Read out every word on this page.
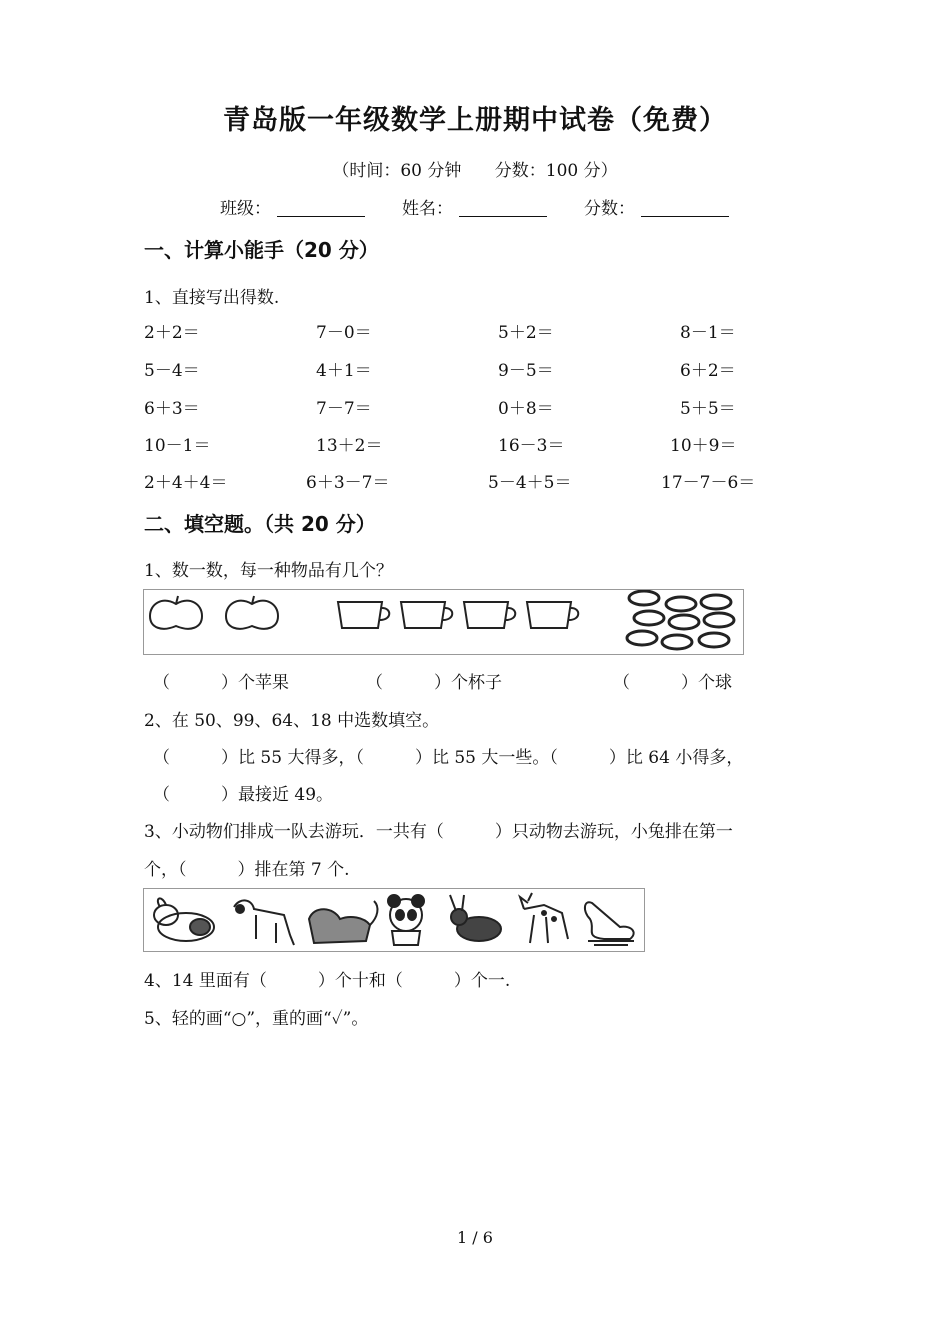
青岛版一年级数学上册期中试卷（免费）
（时间：60 分钟 分数：100 分）
班级：	姓名：	分数：
一、计算小能手（20 分）
1、直接写出得数.
2＋2＝	7－0＝	5＋2＝	8－1＝
5－4＝	4＋1＝	9－5＝	6＋2＝
6＋3＝	7－7＝	0＋8＝	5＋5＝
10－1＝	13＋2＝	16－3＝	10＋9＝
2＋4＋4＝	6＋3－7＝	5－4＋5＝	17－7－6＝
二、填空题。（共 20 分）
1、数一数，每一种物品有几个？
（　　　）个苹果	（　　　）个杯子	（　　　）个球
2、在 50、99、64、18 中选数填空。
（　　　）比 55 大得多，（　　　）比 55 大一些。（　　　）比 64 小得多，
（　　　）最接近 49。
3、小动物们排成一队去游玩．一共有（　　　）只动物去游玩，小兔排在第一
个，（　　　）排在第 7 个.
4、14 里面有（　　　）个十和（　　　）个一.
5、轻的画“○”，重的画“✓”。
1 / 6
